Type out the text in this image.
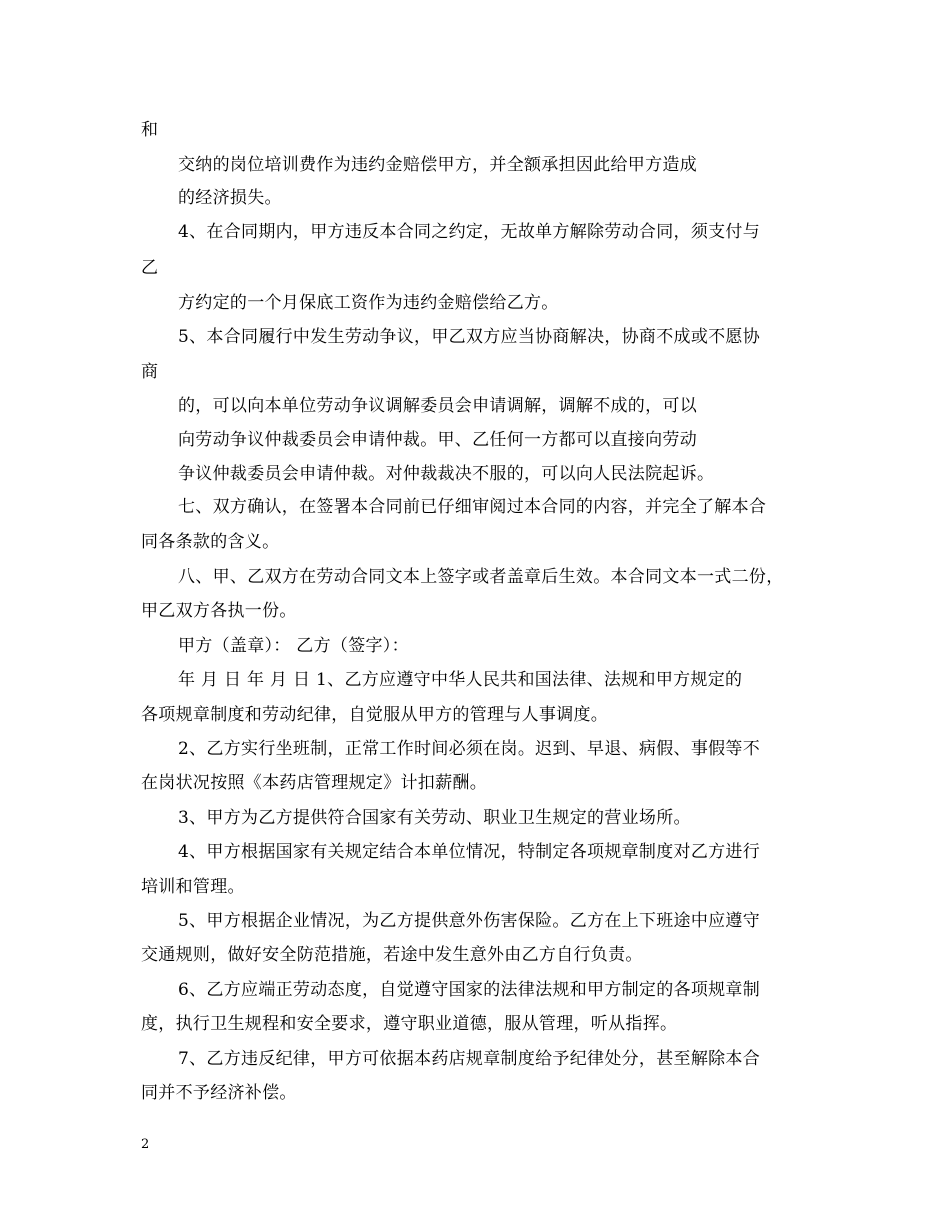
和
交纳的岗位培训费作为违约金赔偿甲方，并全额承担因此给甲方造成
的经济损失。
4、在合同期内，甲方违反本合同之约定，无故单方解除劳动合同，须支付与
乙
方约定的一个月保底工资作为违约金赔偿给乙方。
5、本合同履行中发生劳动争议，甲乙双方应当协商解决，协商不成或不愿协
商
的，可以向本单位劳动争议调解委员会申请调解，调解不成的，可以
向劳动争议仲裁委员会申请仲裁。甲、乙任何一方都可以直接向劳动
争议仲裁委员会申请仲裁。对仲裁裁决不服的，可以向人民法院起诉。
七、双方确认，在签署本合同前已仔细审阅过本合同的内容，并完全了解本合
同各条款的含义。
八、甲、乙双方在劳动合同文本上签字或者盖章后生效。本合同文本一式二份，
甲乙双方各执一份。
甲方（盖章）： 乙方（签字）：
年 月 日 年 月 日 1、乙方应遵守中华人民共和国法律、法规和甲方规定的
各项规章制度和劳动纪律，自觉服从甲方的管理与人事调度。
2、乙方实行坐班制，正常工作时间必须在岗。迟到、早退、病假、事假等不
在岗状况按照《本药店管理规定》计扣薪酬。
3、甲方为乙方提供符合国家有关劳动、职业卫生规定的营业场所。
4、甲方根据国家有关规定结合本单位情况，特制定各项规章制度对乙方进行
培训和管理。
5、甲方根据企业情况，为乙方提供意外伤害保险。乙方在上下班途中应遵守
交通规则，做好安全防范措施，若途中发生意外由乙方自行负责。
6、乙方应端正劳动态度，自觉遵守国家的法律法规和甲方制定的各项规章制
度，执行卫生规程和安全要求，遵守职业道德，服从管理，听从指挥。
7、乙方违反纪律，甲方可依据本药店规章制度给予纪律处分，甚至解除本合
同并不予经济补偿。
2
